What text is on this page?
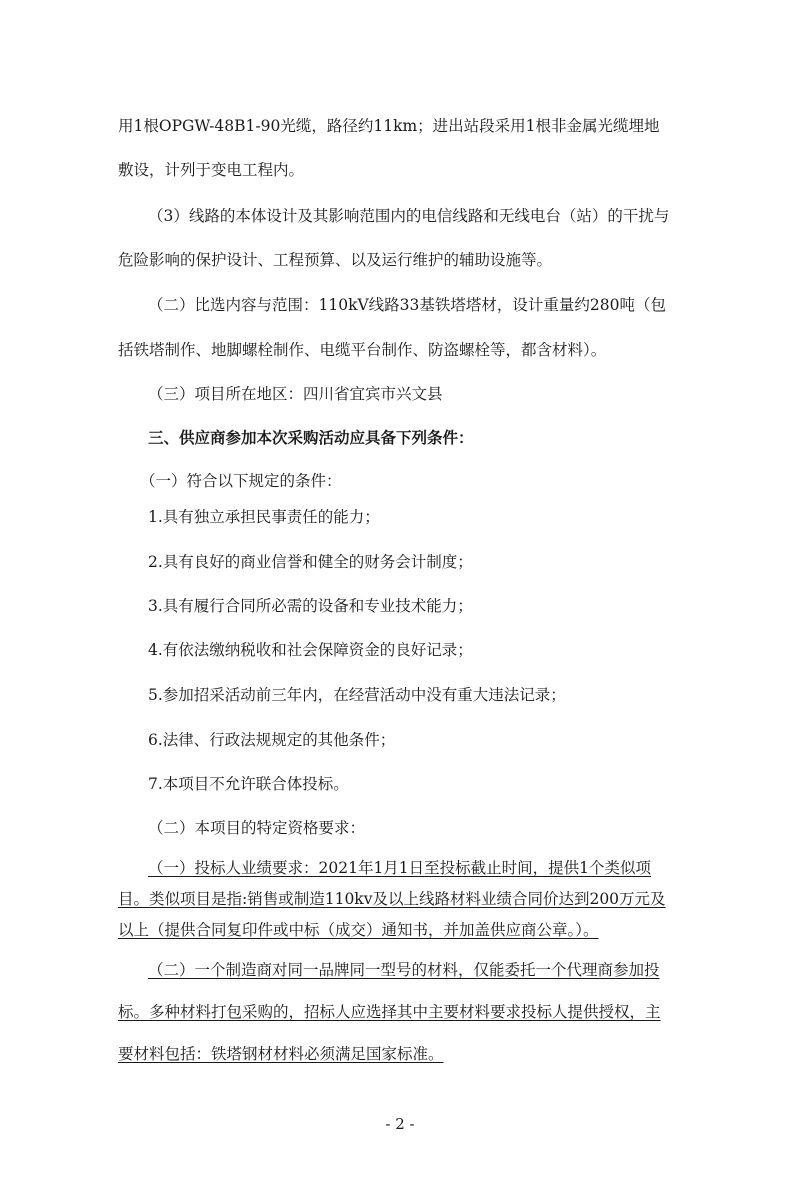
用1根OPGW-48B1-90光缆，路径约11km；进出站段采用1根非金属光缆埋地
敷设，计列于变电工程内。
（3）线路的本体设计及其影响范围内的电信线路和无线电台（站）的干扰与
危险影响的保护设计、工程预算、以及运行维护的辅助设施等。
（二）比选内容与范围：110kV线路33基铁塔塔材，设计重量约280吨（包
括铁塔制作、地脚螺栓制作、电缆平台制作、防盗螺栓等，都含材料）。
（三）项目所在地区：四川省宜宾市兴文县
三、供应商参加本次采购活动应具备下列条件：
（一）符合以下规定的条件：
1.具有独立承担民事责任的能力；
2.具有良好的商业信誉和健全的财务会计制度；
3.具有履行合同所必需的设备和专业技术能力；
4.有依法缴纳税收和社会保障资金的良好记录；
5.参加招采活动前三年内，在经营活动中没有重大违法记录；
6.法律、行政法规规定的其他条件；
7.本项目不允许联合体投标。
（二）本项目的特定资格要求：
（一）投标人业绩要求：2021年1月1日至投标截止时间，提供1个类似项
目。类似项目是指:销售或制造110kv及以上线路材料业绩合同价达到200万元及
以上（提供合同复印件或中标（成交）通知书，并加盖供应商公章。）。
（二）一个制造商对同一品牌同一型号的材料，仅能委托一个代理商参加投
标。多种材料打包采购的，招标人应选择其中主要材料要求投标人提供授权，主
要材料包括：铁塔钢材材料必须满足国家标准。
- 2 -
